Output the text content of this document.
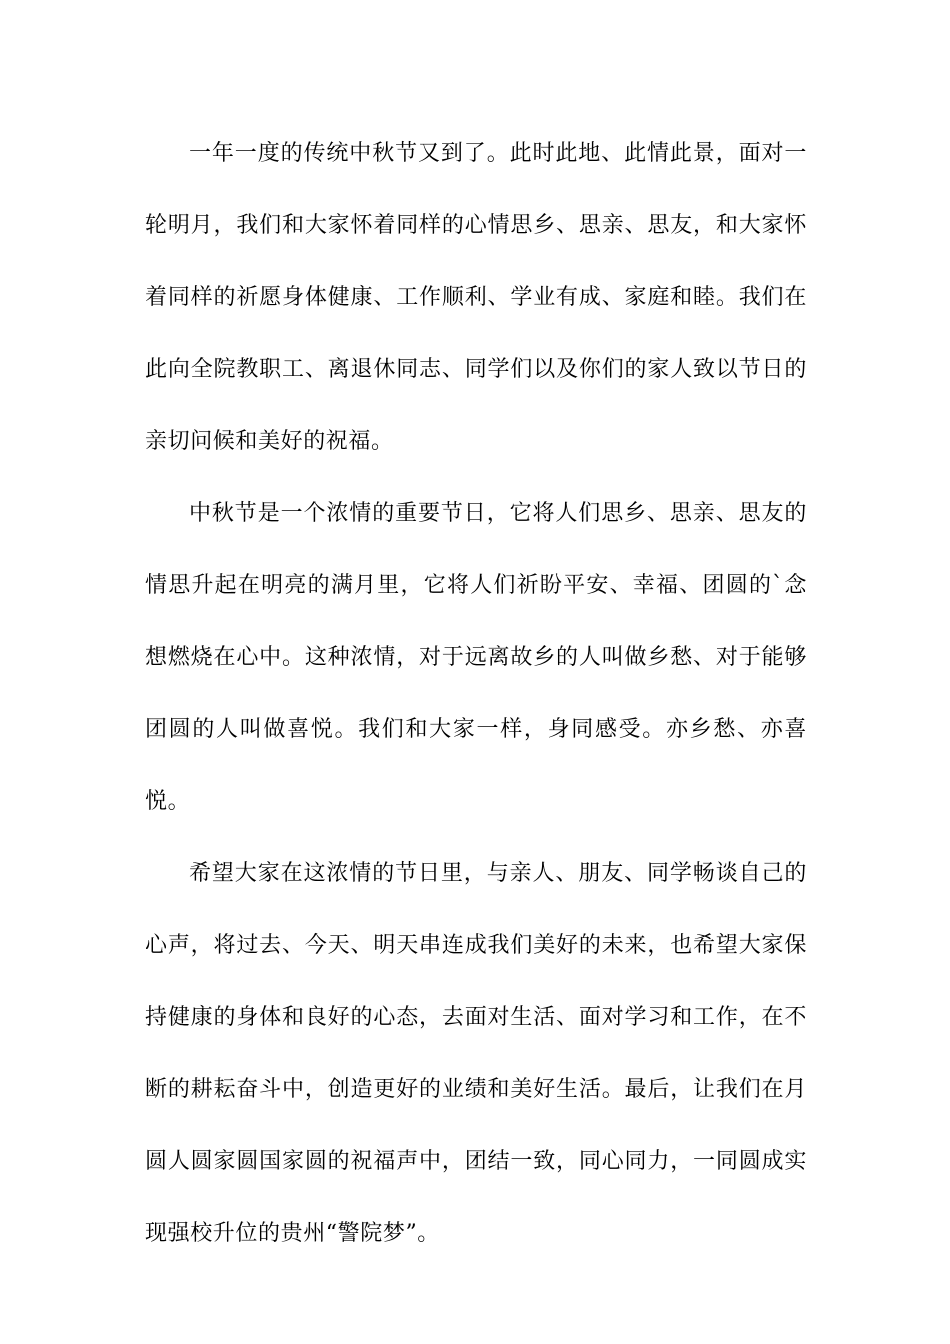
一年一度的传统中秋节又到了。此时此地、此情此景，面对一轮明月，我们和大家怀着同样的心情思乡、思亲、思友，和大家怀着同样的祈愿身体健康、工作顺利、学业有成、家庭和睦。我们在此向全院教职工、离退休同志、同学们以及你们的家人致以节日的亲切问候和美好的祝福。

中秋节是一个浓情的重要节日，它将人们思乡、思亲、思友的情思升起在明亮的满月里，它将人们祈盼平安、幸福、团圆的`念想燃烧在心中。这种浓情，对于远离故乡的人叫做乡愁、对于能够团圆的人叫做喜悦。我们和大家一样，身同感受。亦乡愁、亦喜悦。

希望大家在这浓情的节日里，与亲人、朋友、同学畅谈自己的心声，将过去、今天、明天串连成我们美好的未来，也希望大家保持健康的身体和良好的心态，去面对生活、面对学习和工作，在不断的耕耘奋斗中，创造更好的业绩和美好生活。最后，让我们在月圆人圆家圆国家圆的祝福声中，团结一致，同心同力，一同圆成实现强校升位的贵州“警院梦”。
